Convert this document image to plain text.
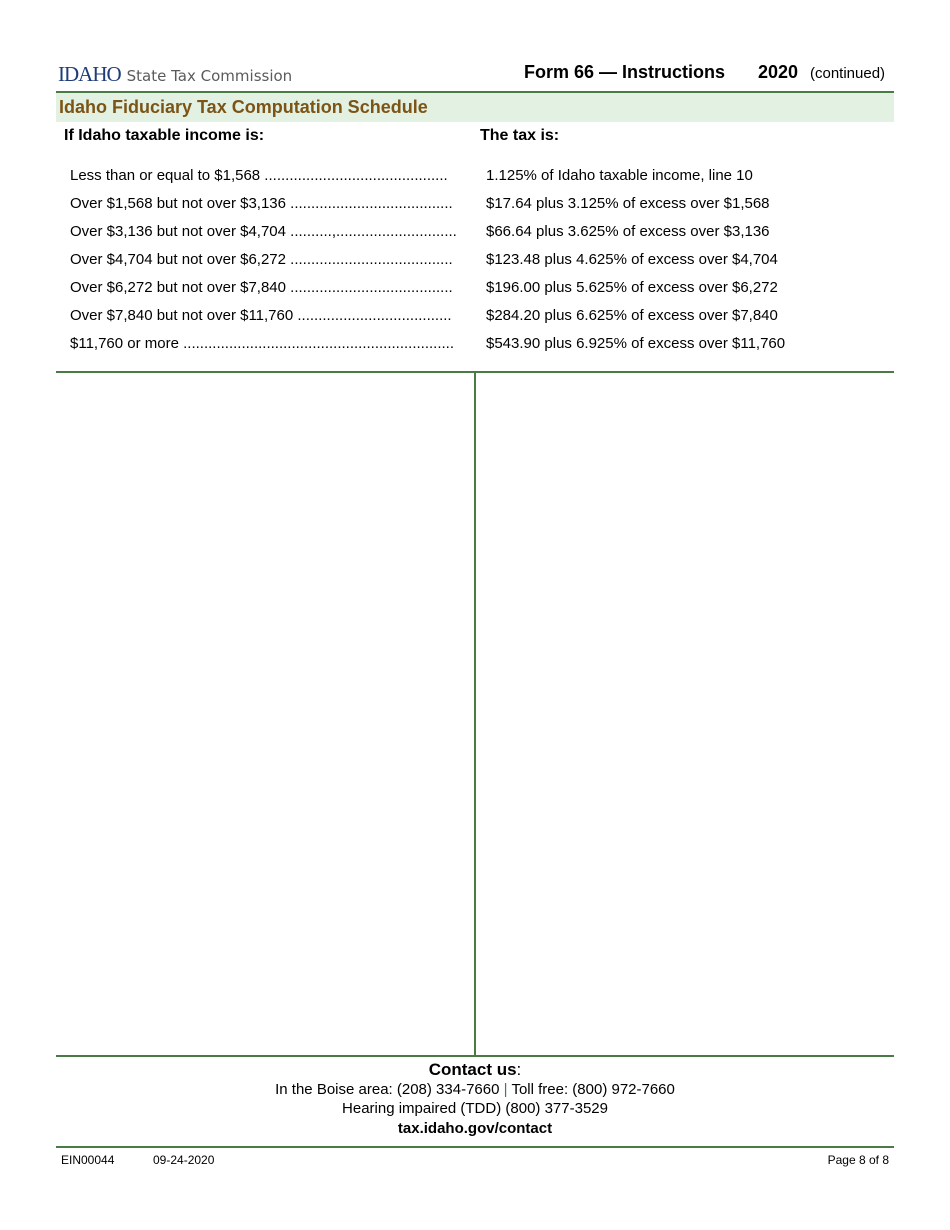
IDAHO State Tax Commission	Form 66 — Instructions 2020 (continued)
Idaho Fiduciary Tax Computation Schedule
If Idaho taxable income is:	The tax is:
Less than or equal to $1,568 ............................................	1.125% of Idaho taxable income, line 10
Over $1,568 but not over $3,136 .......................................	$17.64 plus 3.125% of excess over $1,568
Over $3,136 but not over $4,704 ..........,.............................	$66.64 plus 3.625% of excess over $3,136
Over $4,704 but not over $6,272 .......................................	$123.48 plus 4.625% of excess over $4,704
Over $6,272 but not over $7,840 .......................................	$196.00 plus 5.625% of excess over $6,272
Over $7,840 but not over $11,760 .....................................	$284.20 plus 6.625% of excess over $7,840
$11,760 or more .................................................................	$543.90 plus 6.925% of excess over $11,760
Contact us:
In the Boise area: (208) 334-7660 | Toll free: (800) 972-7660
Hearing impaired (TDD) (800) 377-3529
tax.idaho.gov/contact
EIN00044	09-24-2020	Page 8 of 8
